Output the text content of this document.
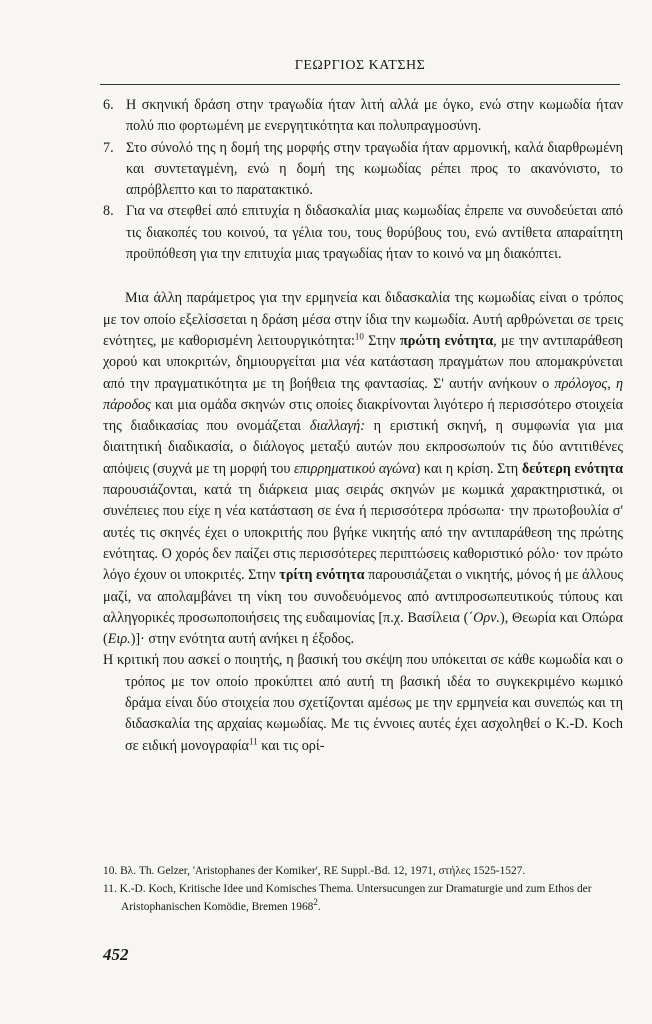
ΓΕΩΡΓΙΟΣ ΚΑΤΣΗΣ
6. Η σκηνική δράση στην τραγωδία ήταν λιτή αλλά με όγκο, ενώ στην κωμωδία ήταν πολύ πιο φορτωμένη με ενεργητικότητα και πολυπραγμοσύνη.
7. Στο σύνολό της η δομή της μορφής στην τραγωδία ήταν αρμονική, καλά διαρθρωμένη και συντεταγμένη, ενώ η δομή της κωμωδίας ρέπει προς το ακανόνιστο, το απρόβλεπτο και το παρατακτικό.
8. Για να στεφθεί από επιτυχία η διδασκαλία μιας κωμωδίας έπρεπε να συνοδεύεται από τις διακοπές του κοινού, τα γέλια του, τους θορύβους του, ενώ αντίθετα απαραίτητη προϋπόθεση για την επιτυχία μιας τραγωδίας ήταν το κοινό να μη διακόπτει.

Μια άλλη παράμετρος για την ερμηνεία και διδασκαλία της κωμωδίας είναι ο τρόπος με τον οποίο εξελίσσεται η δράση μέσα στην ίδια την κωμωδία. Αυτή αρθρώνεται σε τρεις ενότητες, με καθορισμένη λειτουργικότητα:$^{10}$ Στην πρώτη ενότητα, με την αντιπαράθεση χορού και υποκριτών, δημιουργείται μια νέα κατάσταση πραγμάτων που απομακρύνεται από την πραγματικότητα με τη βοήθεια της φαντασίας. Σ' αυτήν ανήκουν ο πρόλογος, η πάροδος και μια ομάδα σκηνών στις οποίες διακρίνονται λιγότερο ή περισσότερο στοιχεία της διαδικασίας που ονομάζεται διαλλαγή: η εριστική σκηνή, η συμφωνία για μια διαιτητική διαδικασία, ο διάλογος μεταξύ αυτών που εκπροσωπούν τις δύο αντιτιθένες απόψεις (συχνά με τη μορφή του επιρρηματικού αγώνα) και η κρίση. Στη δεύτερη ενότητα παρουσιάζονται, κατά τη διάρκεια μιας σειράς σκηνών με κωμικά χαρακτηριστικά, οι συνέπειες που είχε η νέα κατάσταση σε ένα ή περισσότερα πρόσωπα· την πρωτοβουλία σ' αυτές τις σκηνές έχει ο υποκριτής που βγήκε νικητής από την αντιπαράθεση της πρώτης ενότητας. Ο χορός δεν παίζει στις περισσότερες περιπτώσεις καθοριστικό ρόλο· τον πρώτο λόγο έχουν οι υποκριτές. Στην τρίτη ενότητα παρουσιάζεται ο νικητής, μόνος ή με άλλους μαζί, να απολαμβάνει τη νίκη του συνοδευόμενος από αντιπροσωπευτικούς τύπους και αλληγορικές προσωποποιήσεις της ευδαιμονίας [π.χ. Βασίλεια (΄Ορν.), Θεωρία και Οπώρα (Ειρ.)]· στην ενότητα αυτή ανήκει η έξοδος.

Η κριτική που ασκεί ο ποιητής, η βασική του σκέψη που υπόκειται σε κάθε κωμωδία και ο τρόπος με τον οποίο προκύπτει από αυτή τη βασική ιδέα το συγκεκριμένο κωμικό δράμα είναι δύο στοιχεία που σχετίζονται αμέσως με την ερμηνεία και συνεπώς και τη διδασκαλία της αρχαίας κωμωδίας. Με τις έννοιες αυτές έχει ασχοληθεί ο K.-D. Koch σε ειδική μονογραφία$^{11}$ και τις ορί-

10. Βλ. Th. Gelzer, 'Aristophanes der Komiker', RE Suppl.-Bd. 12, 1971, στήλες 1525-1527.

11. K.-D. Koch, Kritische Idee und Komisches Thema. Untersucungen zur Dramaturgie und zum Ethos der Aristophanischen Komödie, Bremen 1968$^2$.

452
